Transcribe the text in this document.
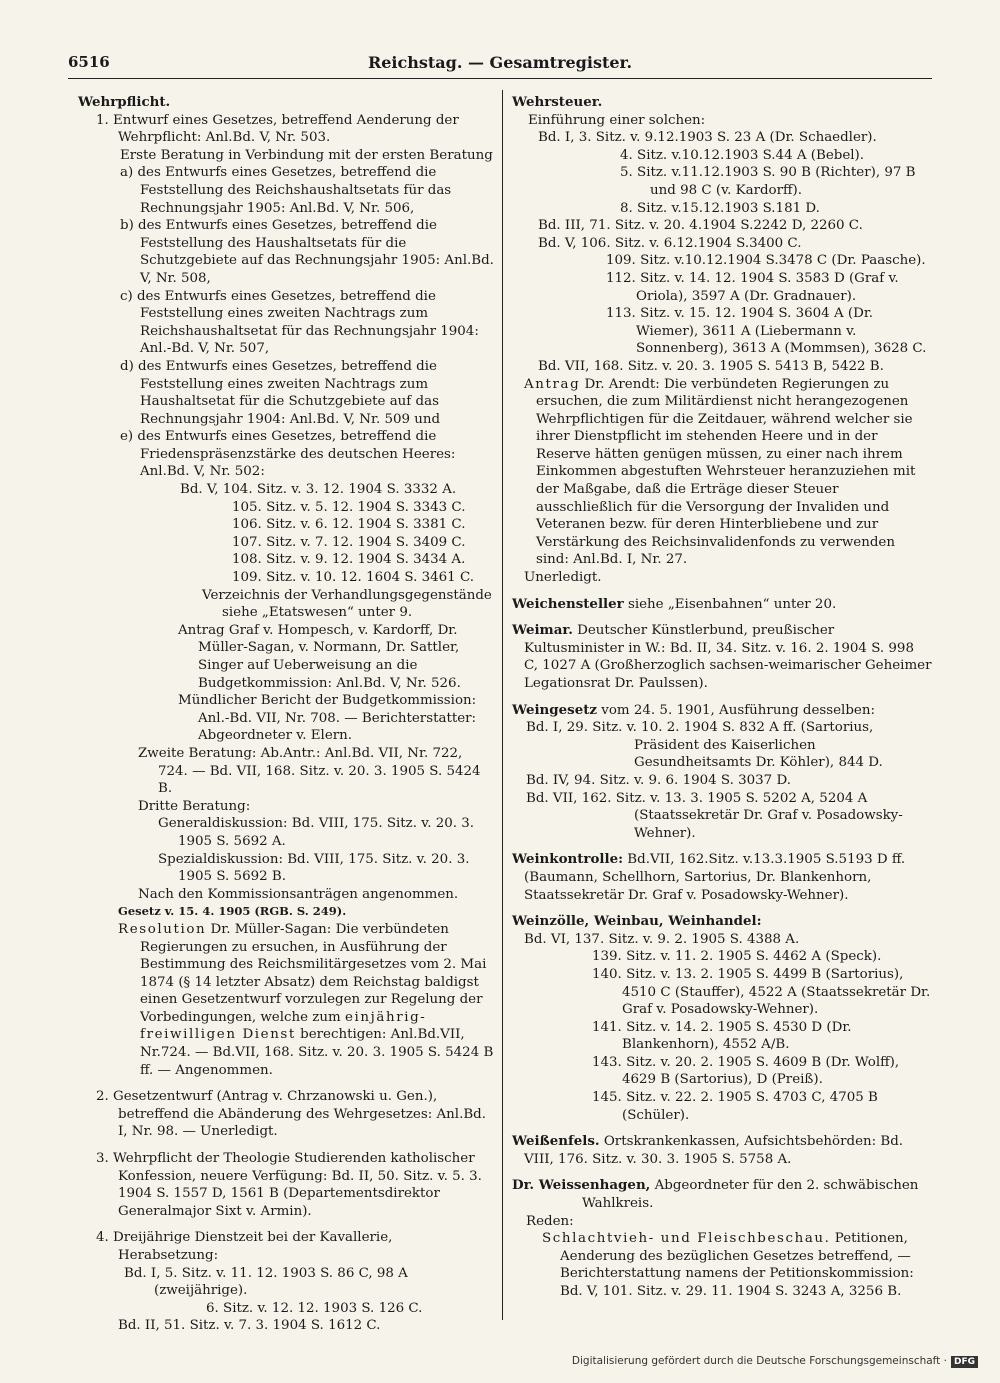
6516	Reichstag. — Gesamtregister.

Wehrpflicht.

1. Entwurf eines Gesetzes, betreffend Aenderung der Wehrpflicht: Anl.Bd. V, Nr. 503.

Erste Beratung in Verbindung mit der ersten Beratung

a) des Entwurfs eines Gesetzes, betreffend die Feststellung des Reichshaushaltsetats für das Rechnungsjahr 1905: Anl.Bd. V, Nr. 506,

b) des Entwurfs eines Gesetzes, betreffend die Feststellung des Haushaltsetats für die Schutzgebiete auf das Rechnungsjahr 1905: Anl.Bd. V, Nr. 508,

c) des Entwurfs eines Gesetzes, betreffend die Feststellung eines zweiten Nachtrags zum Reichshaushaltsetat für das Rechnungsjahr 1904: Anl.-Bd. V, Nr. 507,

d) des Entwurfs eines Gesetzes, betreffend die Feststellung eines zweiten Nachtrags zum Haushaltsetat für die Schutzgebiete auf das Rechnungsjahr 1904: Anl.Bd. V, Nr. 509 und

e) des Entwurfs eines Gesetzes, betreffend die Friedenspräsenzstärke des deutschen Heeres: Anl.Bd. V, Nr. 502:

Bd. V, 104. Sitz. v. 3. 12. 1904 S. 3332 A.

105. Sitz. v. 5. 12. 1904 S. 3343 C.

106. Sitz. v. 6. 12. 1904 S. 3381 C.

107. Sitz. v. 7. 12. 1904 S. 3409 C.

108. Sitz. v. 9. 12. 1904 S. 3434 A.

109. Sitz. v. 10. 12. 1604 S. 3461 C.

Verzeichnis der Verhandlungsgegenstände siehe „Etatswesen“ unter 9.

Antrag Graf v. Hompesch, v. Kardorff, Dr. Müller-Sagan, v. Normann, Dr. Sattler, Singer auf Ueberweisung an die Budgetkommission: Anl.Bd. V, Nr. 526.

Mündlicher Bericht der Budgetkommission: Anl.-Bd. VII, Nr. 708. — Berichterstatter: Abgeordneter v. Elern.

Zweite Beratung: Ab.Antr.: Anl.Bd. VII, Nr. 722, 724. — Bd. VII, 168. Sitz. v. 20. 3. 1905 S. 5424 B.

Dritte Beratung:

Generaldiskussion: Bd. VIII, 175. Sitz. v. 20. 3. 1905 S. 5692 A.

Spezialdiskussion: Bd. VIII, 175. Sitz. v. 20. 3. 1905 S. 5692 B.

Nach den Kommissionsanträgen angenommen.

Gesetz v. 15. 4. 1905 (RGB. S. 249).

Resolution Dr. Müller-Sagan: Die verbündeten Regierungen zu ersuchen, in Ausführung der Bestimmung des Reichsmilitärgesetzes vom 2. Mai 1874 (§ 14 letzter Absatz) dem Reichstag baldigst einen Gesetzentwurf vorzulegen zur Regelung der Vorbedingungen, welche zum einjährig-freiwilligen Dienst berechtigen: Anl.Bd.VII, Nr.724. — Bd.VII, 168. Sitz. v. 20. 3. 1905 S. 5424 B ff. — Angenommen.

2. Gesetzentwurf (Antrag v. Chrzanowski u. Gen.), betreffend die Abänderung des Wehrgesetzes: Anl.Bd. I, Nr. 98. — Unerledigt.

3. Wehrpflicht der Theologie Studierenden katholischer Konfession, neuere Verfügung: Bd. II, 50. Sitz. v. 5. 3. 1904 S. 1557 D, 1561 B (Departementsdirektor Generalmajor Sixt v. Armin).

4. Dreijährige Dienstzeit bei der Kavallerie, Herabsetzung:

Bd. I, 5. Sitz. v. 11. 12. 1903 S. 86 C, 98 A (zweijährige).

6. Sitz. v. 12. 12. 1903 S. 126 C.

Bd. II, 51. Sitz. v. 7. 3. 1904 S. 1612 C.

Wehrsteuer.

Einführung einer solchen:

Bd. I, 3. Sitz. v. 9.12.1903 S. 23 A (Dr. Schaedler).

4. Sitz. v.10.12.1903 S.44 A (Bebel).

5. Sitz. v.11.12.1903 S. 90 B (Richter), 97 B und 98 C (v. Kardorff).

8. Sitz. v.15.12.1903 S.181 D.

Bd. III, 71. Sitz. v. 20. 4.1904 S.2242 D, 2260 C.

Bd. V, 106. Sitz. v. 6.12.1904 S.3400 C.

109. Sitz. v.10.12.1904 S.3478 C (Dr. Paasche).

112. Sitz. v. 14. 12. 1904 S. 3583 D (Graf v. Oriola), 3597 A (Dr. Gradnauer).

113. Sitz. v. 15. 12. 1904 S. 3604 A (Dr. Wiemer), 3611 A (Liebermann v. Sonnenberg), 3613 A (Mommsen), 3628 C.

Bd. VII, 168. Sitz. v. 20. 3. 1905 S. 5413 B, 5422 B.

Antrag Dr. Arendt: Die verbündeten Regierungen zu ersuchen, die zum Militärdienst nicht herangezogenen Wehrpflichtigen für die Zeitdauer, während welcher sie ihrer Dienstpflicht im stehenden Heere und in der Reserve hätten genügen müssen, zu einer nach ihrem Einkommen abgestuften Wehrsteuer heranzuziehen mit der Maßgabe, daß die Erträge dieser Steuer ausschließlich für die Versorgung der Invaliden und Veteranen bezw. für deren Hinterbliebene und zur Verstärkung des Reichsinvalidenfonds zu verwenden sind: Anl.Bd. I, Nr. 27.

Unerledigt.

Weichensteller siehe „Eisenbahnen“ unter 20.

Weimar. Deutscher Künstlerbund, preußischer Kultusminister in W.: Bd. II, 34. Sitz. v. 16. 2. 1904 S. 998 C, 1027 A (Großherzoglich sachsen-weimarischer Geheimer Legationsrat Dr. Paulssen).

Weingesetz vom 24. 5. 1901, Ausführung desselben:

Bd. I, 29. Sitz. v. 10. 2. 1904 S. 832 A ff. (Sartorius, Präsident des Kaiserlichen Gesundheitsamts Dr. Köhler), 844 D.

Bd. IV, 94. Sitz. v. 9. 6. 1904 S. 3037 D.

Bd. VII, 162. Sitz. v. 13. 3. 1905 S. 5202 A, 5204 A (Staatssekretär Dr. Graf v. Posadowsky-Wehner).

Weinkontrolle: Bd.VII, 162.Sitz. v.13.3.1905 S.5193 D ff. (Baumann, Schellhorn, Sartorius, Dr. Blankenhorn, Staatssekretär Dr. Graf v. Posadowsky-Wehner).

Weinzölle, Weinbau, Weinhandel:

Bd. VI, 137. Sitz. v. 9. 2. 1905 S. 4388 A.

139. Sitz. v. 11. 2. 1905 S. 4462 A (Speck).

140. Sitz. v. 13. 2. 1905 S. 4499 B (Sartorius), 4510 C (Stauffer), 4522 A (Staatssekretär Dr. Graf v. Posadowsky-Wehner).

141. Sitz. v. 14. 2. 1905 S. 4530 D (Dr. Blankenhorn), 4552 A/B.

143. Sitz. v. 20. 2. 1905 S. 4609 B (Dr. Wolff), 4629 B (Sartorius), D (Preiß).

145. Sitz. v. 22. 2. 1905 S. 4703 C, 4705 B (Schüler).

Weißenfels. Ortskrankenkassen, Aufsichtsbehörden: Bd. VIII, 176. Sitz. v. 30. 3. 1905 S. 5758 A.

Dr. Weissenhagen, Abgeordneter für den 2. schwäbischen Wahlkreis.

Reden:

Schlachtvieh- und Fleischbeschau. Petitionen, Aenderung des bezüglichen Gesetzes betreffend, — Berichterstattung namens der Petitionskommission: Bd. V, 101. Sitz. v. 29. 11. 1904 S. 3243 A, 3256 B.

Digitalisierung gefördert durch die Deutsche Forschungsgemeinschaft · DFG
